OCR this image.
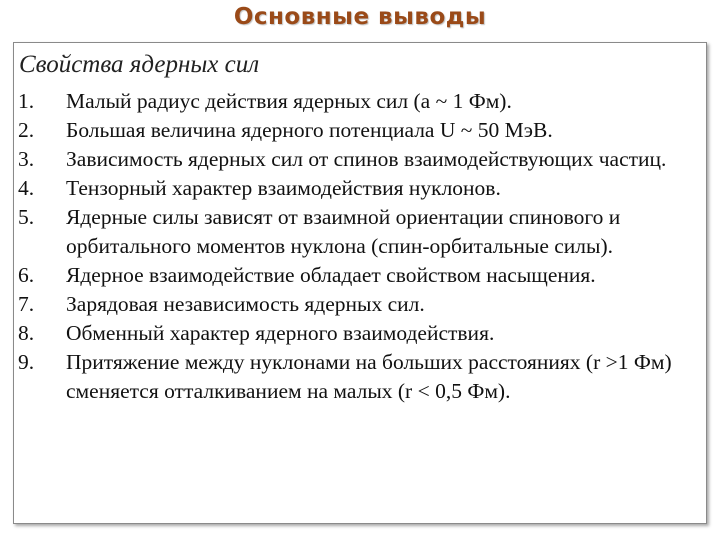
Основные выводы
Свойства ядерных сил
1. Малый радиус действия ядерных сил (a ~ 1 Фм).
2. Большая величина ядерного потенциала U ~ 50 МэВ.
3. Зависимость ядерных сил от спинов взаимодействующих частиц.
4. Тензорный характер взаимодействия нуклонов.
5. Ядерные силы зависят от взаимной ориентации спинового и орбитального моментов нуклона (спин-орбитальные силы).
6. Ядерное взаимодействие обладает свойством насыщения.
7. Зарядовая независимость ядерных сил.
8. Обменный характер ядерного взаимодействия.
9. Притяжение между нуклонами на больших расстояниях (r >1 Фм) сменяется отталкиванием на малых (r < 0,5 Фм).
